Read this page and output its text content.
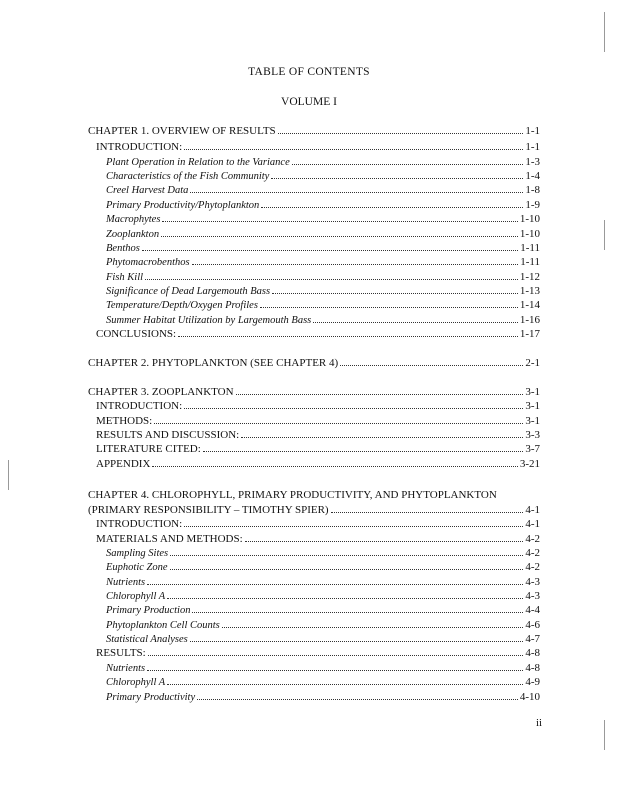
TABLE OF CONTENTS
VOLUME I
CHAPTER 1. OVERVIEW OF RESULTS	1-1
INTRODUCTION:	1-1
Plant Operation in Relation to the Variance	1-3
Characteristics of the Fish Community	1-4
Creel Harvest Data	1-8
Primary Productivity/Phytoplankton	1-9
Macrophytes	1-10
Zooplankton	1-10
Benthos	1-11
Phytomacrobenthos	1-11
Fish Kill	1-12
Significance of Dead Largemouth Bass	1-13
Temperature/Depth/Oxygen Profiles	1-14
Summer Habitat Utilization by Largemouth Bass	1-16
CONCLUSIONS:	1-17
CHAPTER 2. PHYTOPLANKTON (SEE CHAPTER 4)	2-1
CHAPTER 3. ZOOPLANKTON	3-1
INTRODUCTION:	3-1
METHODS:	3-1
RESULTS AND DISCUSSION:	3-3
LITERATURE CITED:	3-7
APPENDIX	3-21
CHAPTER 4. CHLOROPHYLL, PRIMARY PRODUCTIVITY, AND PHYTOPLANKTON
(PRIMARY RESPONSIBILITY – TIMOTHY SPIER)	4-1
INTRODUCTION:	4-1
MATERIALS AND METHODS:	4-2
Sampling Sites	4-2
Euphotic Zone	4-2
Nutrients	4-3
Chlorophyll A	4-3
Primary Production	4-4
Phytoplankton Cell Counts	4-6
Statistical Analyses	4-7
RESULTS:	4-8
Nutrients	4-8
Chlorophyll A	4-9
Primary Productivity	4-10
ii
